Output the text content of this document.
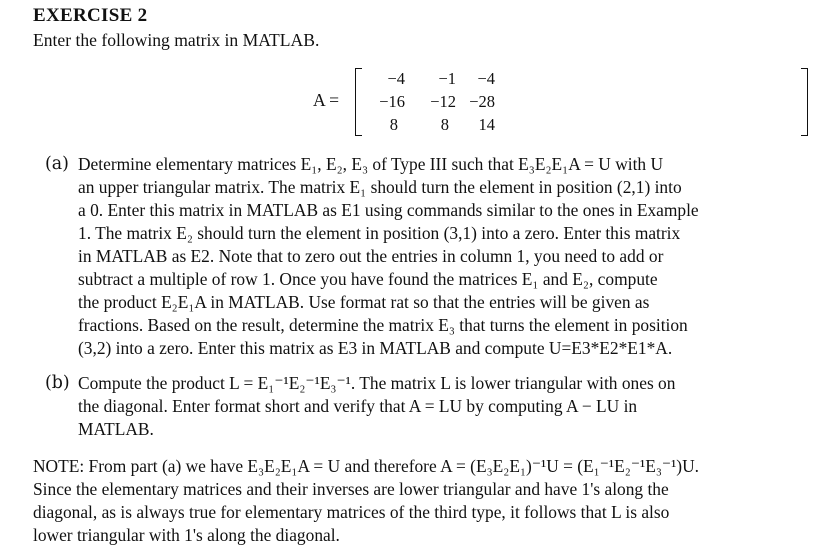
EXERCISE 2
Enter the following matrix in MATLAB.
A =
−4	−1	−4
−16	−12 −28
8	8	14
(a) Determine elementary matrices E₁, E₂, E₃ of Type III such that E₃E₂E₁A = U with U
an upper triangular matrix. The matrix E₁ should turn the element in position (2,1) into
a 0. Enter this matrix in MATLAB as E1 using commands similar to the ones in Example
1. The matrix E₂ should turn the element in position (3,1) into a zero. Enter this matrix
in MATLAB as E2. Note that to zero out the entries in column 1, you need to add or
subtract a multiple of row 1. Once you have found the matrices E₁ and E₂, compute
the product E₂E₁A in MATLAB. Use format rat so that the entries will be given as
fractions. Based on the result, determine the matrix E₃ that turns the element in position
(3,2) into a zero. Enter this matrix as E3 in MATLAB and compute U=E3*E2*E1*A.
(b) Compute the product L = E₁⁻¹E₂⁻¹E₃⁻¹. The matrix L is lower triangular with ones on
the diagonal. Enter format short and verify that A = LU by computing A − LU in
MATLAB.
NOTE: From part (a) we have E₃E₂E₁A = U and therefore A = (E₃E₂E₁)⁻¹U = (E₁⁻¹E₂⁻¹E₃⁻¹)U.
Since the elementary matrices and their inverses are lower triangular and have 1's along the
diagonal, as is always true for elementary matrices of the third type, it follows that L is also
lower triangular with 1's along the diagonal.
